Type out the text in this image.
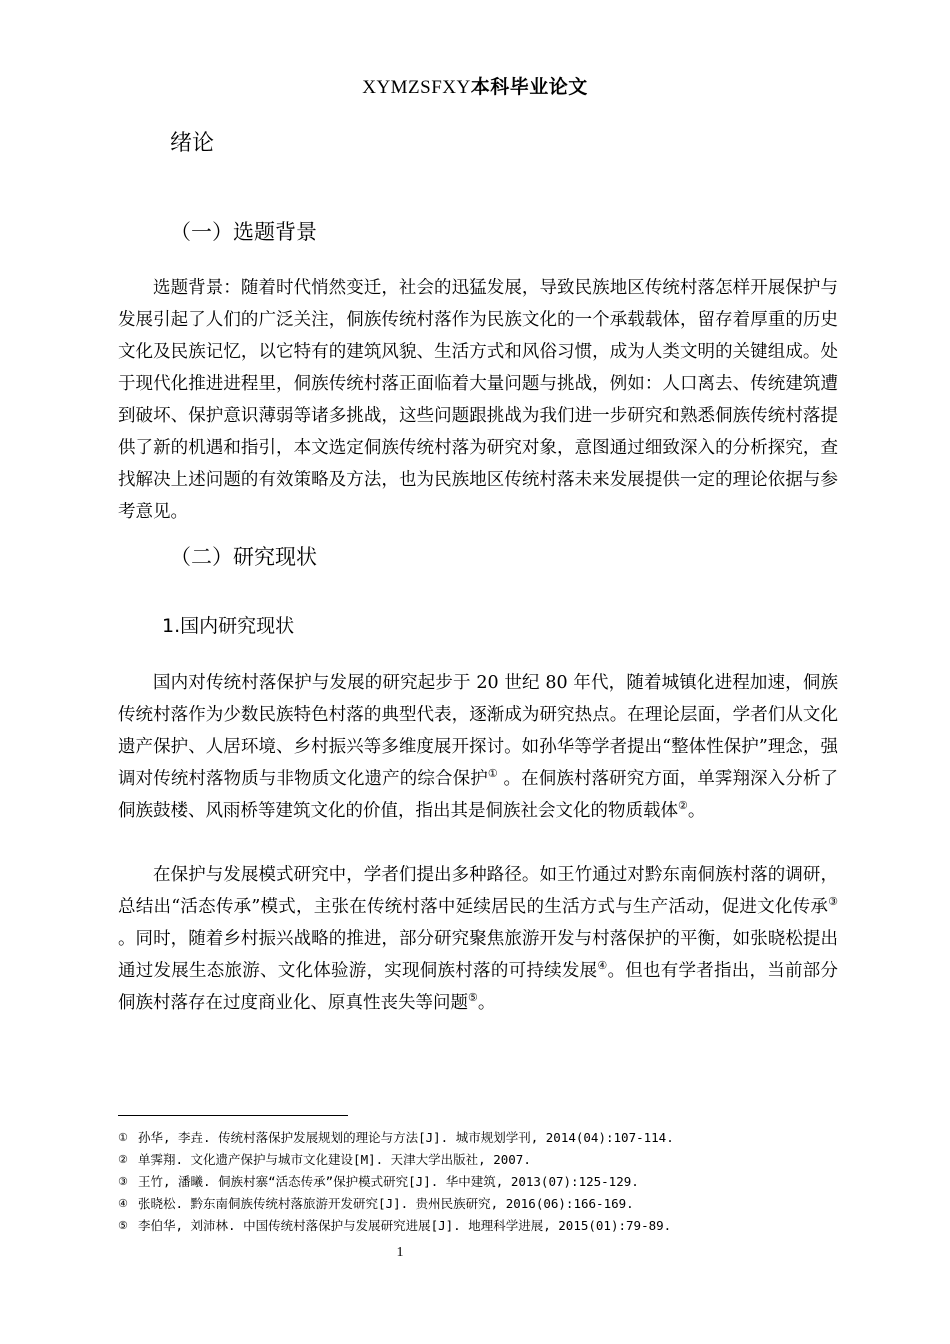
XYMZSFXY本科毕业论文
绪论
（一）选题背景

选题背景：随着时代悄然变迁，社会的迅猛发展，导致民族地区传统村落怎样开展保护与发展引起了人们的广泛关注，侗族传统村落作为民族文化的一个承载载体，留存着厚重的历史文化及民族记忆，以它特有的建筑风貌、生活方式和风俗习惯，成为人类文明的关键组成。处于现代化推进进程里，侗族传统村落正面临着大量问题与挑战，例如：人口离去、传统建筑遭到破坏、保护意识薄弱等诸多挑战，这些问题跟挑战为我们进一步研究和熟悉侗族传统村落提供了新的机遇和指引，本文选定侗族传统村落为研究对象，意图通过细致深入的分析探究，查找解决上述问题的有效策略及方法，也为民族地区传统村落未来发展提供一定的理论依据与参考意见。

（二）研究现状
1.国内研究现状

国内对传统村落保护与发展的研究起步于 20 世纪 80 年代，随着城镇化进程加速，侗族传统村落作为少数民族特色村落的典型代表，逐渐成为研究热点。在理论层面，学者们从文化遗产保护、人居环境、乡村振兴等多维度展开探讨。如孙华等学者提出“整体性保护”理念，强调对传统村落物质与非物质文化遗产的综合保护① 。在侗族村落研究方面，单霁翔深入分析了侗族鼓楼、风雨桥等建筑文化的价值，指出其是侗族社会文化的物质载体②。

在保护与发展模式研究中，学者们提出多种路径。如王竹通过对黔东南侗族村落的调研，总结出“活态传承”模式，主张在传统村落中延续居民的生活方式与生产活动，促进文化传承③ 。同时，随着乡村振兴战略的推进，部分研究聚焦旅游开发与村落保护的平衡，如张晓松提出通过发展生态旅游、文化体验游，实现侗族村落的可持续发展④。但也有学者指出，当前部分侗族村落存在过度商业化、原真性丧失等问题⑤。

① 孙华, 李垚. 传统村落保护发展规划的理论与方法[J]. 城市规划学刊, 2014(04):107-114.
② 单霁翔. 文化遗产保护与城市文化建设[M]. 天津大学出版社, 2007.
③ 王竹, 潘曦. 侗族村寨“活态传承”保护模式研究[J]. 华中建筑, 2013(07):125-129.
④ 张晓松. 黔东南侗族传统村落旅游开发研究[J]. 贵州民族研究, 2016(06):166-169.
⑤ 李伯华, 刘沛林. 中国传统村落保护与发展研究进展[J]. 地理科学进展, 2015(01):79-89.
1
